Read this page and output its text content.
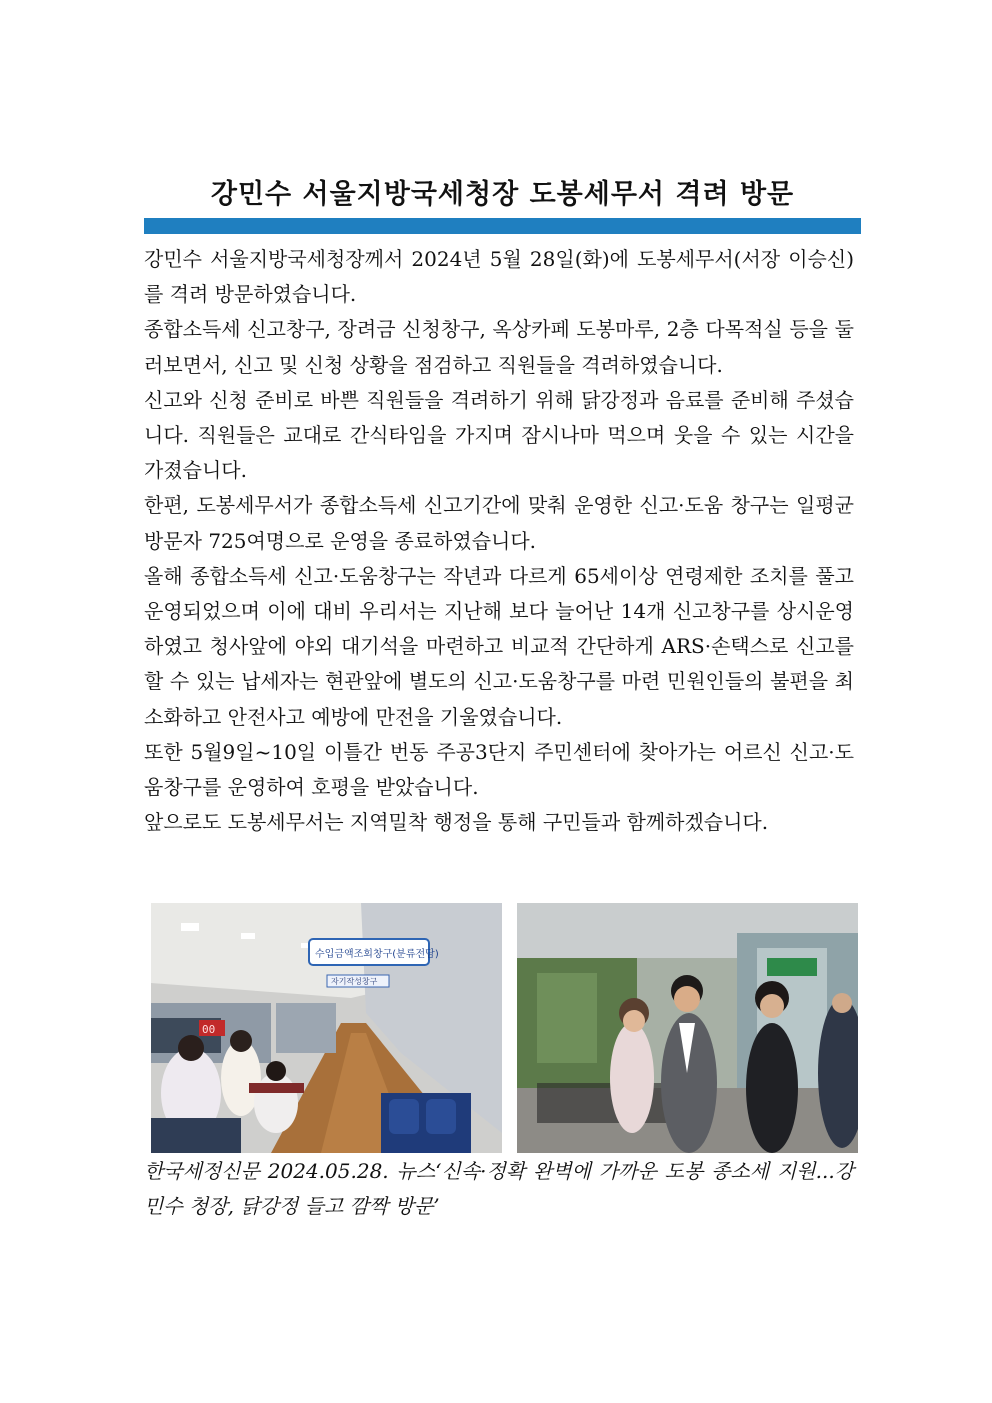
강민수 서울지방국세청장 도봉세무서 격려 방문

강민수 서울지방국세청장께서 2024년 5월 28일(화)에 도봉세무서(서장 이승신)를 격려 방문하였습니다.

종합소득세 신고창구, 장려금 신청창구, 옥상카페 도봉마루, 2층 다목적실 등을 둘러보면서, 신고 및 신청 상황을 점검하고 직원들을 격려하였습니다.

신고와 신청 준비로 바쁜 직원들을 격려하기 위해 닭강정과 음료를 준비해 주셨습니다. 직원들은 교대로 간식타임을 가지며 잠시나마 먹으며 웃을 수 있는 시간을 가졌습니다.

한편, 도봉세무서가 종합소득세 신고기간에 맞춰 운영한 신고·도움 창구는 일평균 방문자 725여명으로 운영을 종료하였습니다.

올해 종합소득세 신고·도움창구는 작년과 다르게 65세이상 연령제한 조치를 풀고 운영되었으며 이에 대비 우리서는 지난해 보다 늘어난 14개 신고창구를 상시운영하였고 청사앞에 야외 대기석을 마련하고 비교적 간단하게 ARS·손택스로 신고를 할 수 있는 납세자는 현관앞에 별도의 신고·도움창구를 마련 민원인들의 불편을 최소화하고 안전사고 예방에 만전을 기울였습니다.

또한 5월9일~10일 이틀간 번동 주공3단지 주민센터에 찾아가는 어르신 신고·도움창구를 운영하여 호평을 받았습니다.

앞으로도 도봉세무서는 지역밀착 행정을 통해 구민들과 함께하겠습니다.

00
수입금액조회창구(분류전담)
자기작성창구
한국세정신문 2024.05.28. 뉴스‘신속·정확 완벽에 가까운 도봉 종소세 지원...강민수 청장, 닭강정 들고 깜짝 방문’
